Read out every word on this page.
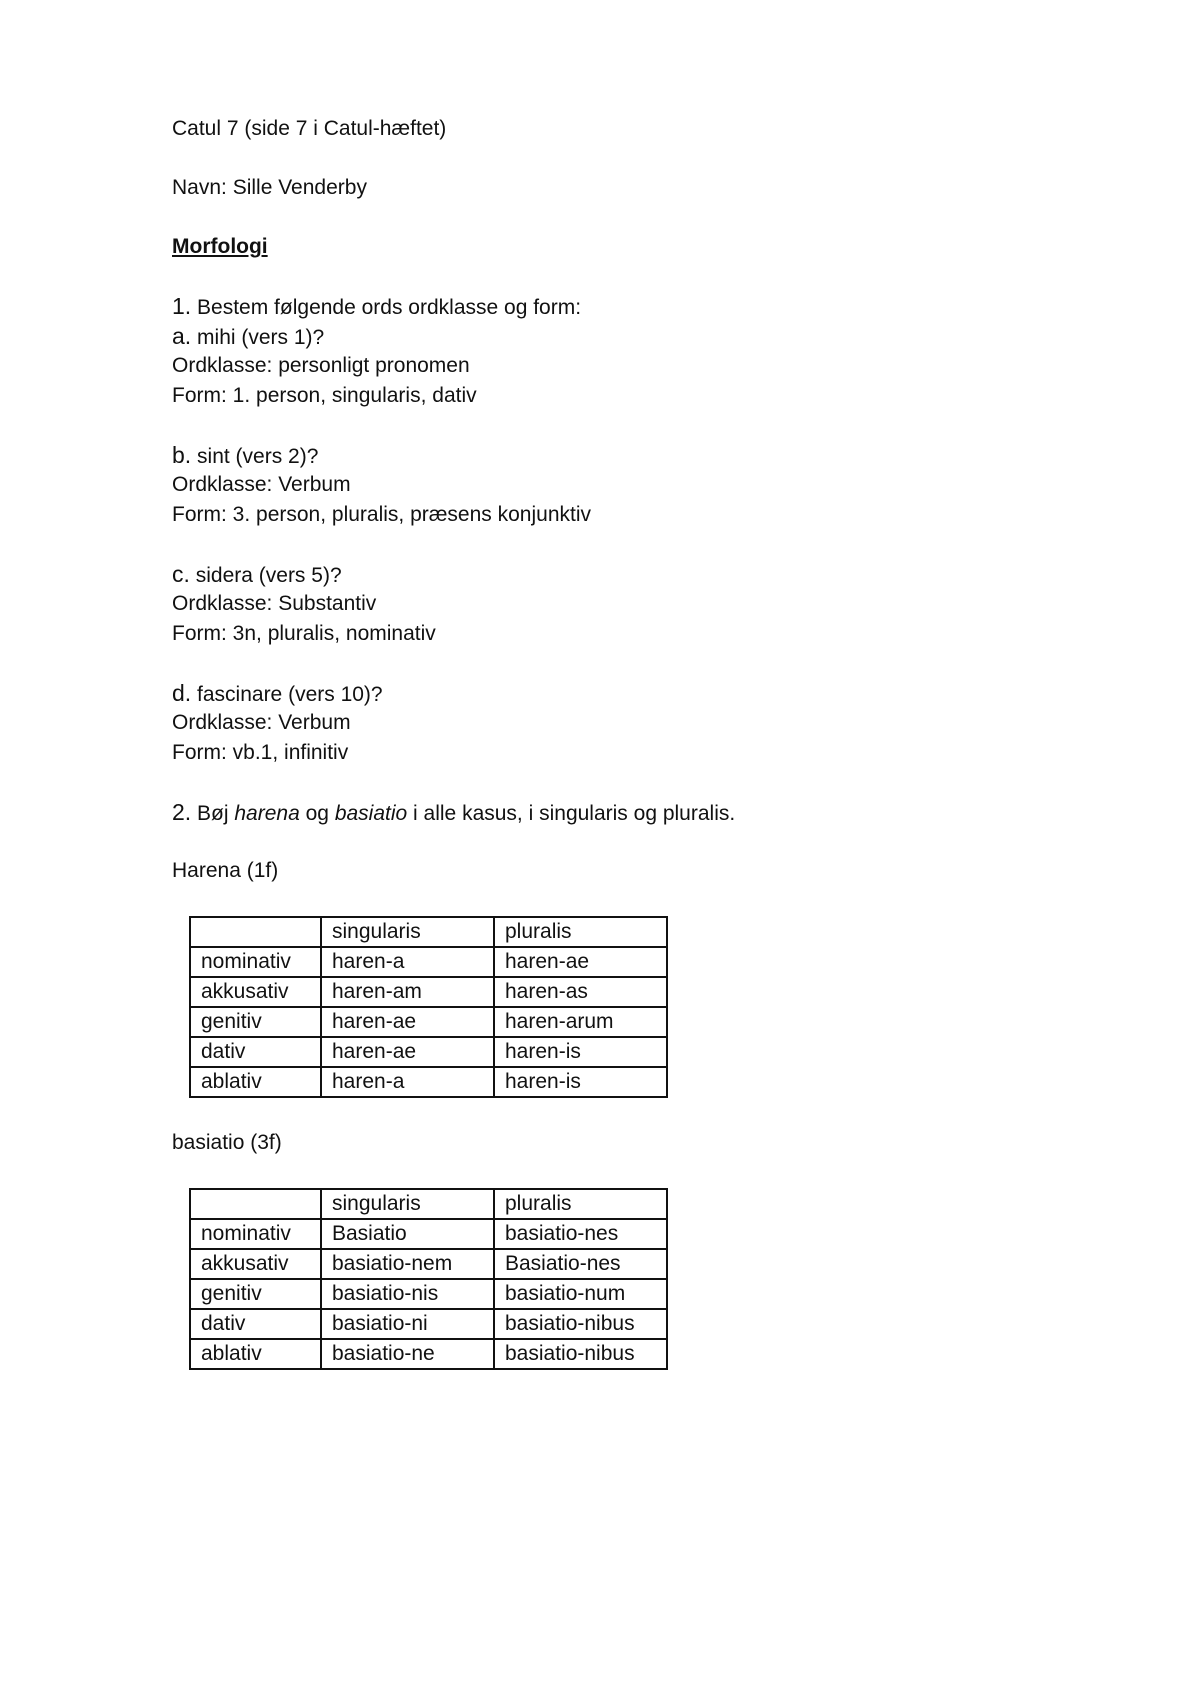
Catul 7 (side 7 i Catul-hæftet)
Navn: Sille Venderby
Morfologi
1. Bestem følgende ords ordklasse og form:
a. mihi (vers 1)?
Ordklasse: personligt pronomen
Form: 1. person, singularis, dativ
b. sint (vers 2)?
Ordklasse: Verbum
Form: 3. person, pluralis, præsens konjunktiv
c. sidera (vers 5)?
Ordklasse: Substantiv
Form: 3n, pluralis, nominativ
d. fascinare (vers 10)?
Ordklasse: Verbum
Form: vb.1, infinitiv
2. Bøj harena og basiatio i alle kasus, i singularis og pluralis.
Harena (1f)
	singularis	pluralis
nominativ	haren-a	haren-ae
akkusativ	haren-am	haren-as
genitiv	haren-ae	haren-arum
dativ	haren-ae	haren-is
ablativ	haren-a	haren-is
basiatio (3f)
	singularis	pluralis
nominativ	Basiatio	basiatio-nes
akkusativ	basiatio-nem	Basiatio-nes
genitiv	basiatio-nis	basiatio-num
dativ	basiatio-ni	basiatio-nibus
ablativ	basiatio-ne	basiatio-nibus
